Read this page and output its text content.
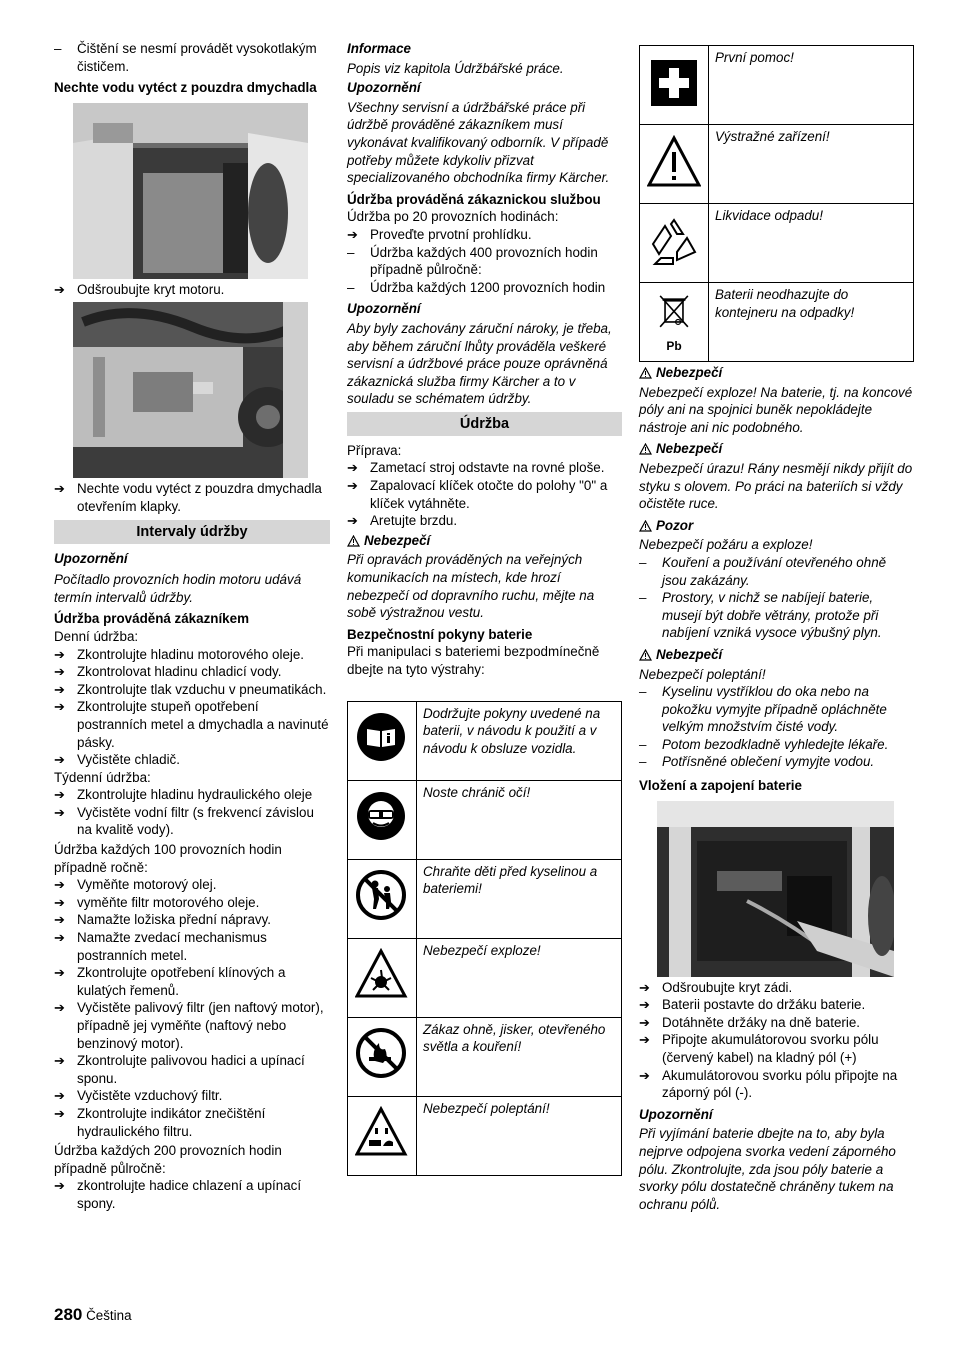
– Čištění se nesmí provádět vysokotlakým čističem.
Nechte vodu vytéct z pouzdra dmychadla
➔ Odšroubujte kryt motoru.
➔ Nechte vodu vytéct z pouzdra dmychadla otevřením klapky.
Intervaly údržby
Upozornění
Počítadlo provozních hodin motoru udává termín intervalů údržby.
Údržba prováděná zákazníkem
Denní údržba:
➔ Zkontrolujte hladinu motorového oleje.
➔ Zkontrolovat hladinu chladicí vody.
➔ Zkontrolujte tlak vzduchu v pneumatikách.
➔ Zkontrolujte stupeň opotřebení postranních metel a dmychadla a navinuté pásky.
➔ Vyčistěte chladič.
Týdenní údržba:
➔ Zkontrolujte hladinu hydraulického oleje
➔ Vyčistěte vodní filtr (s frekvencí závislou na kvalitě vody).
Údržba každých 100 provozních hodin případně ročně:
➔ Vyměňte motorový olej.
➔ vyměňte filtr motorového oleje.
➔ Namažte ložiska přední nápravy.
➔ Namažte zvedací mechanismus postranních metel.
➔ Zkontrolujte opotřebení klínových a kulatých řemenů.
➔ Vyčistěte palivový filtr (jen naftový motor), případně jej vyměňte (naftový nebo benzinový motor).
➔ Zkontrolujte palivovou hadici a upínací sponu.
➔ Vyčistěte vzduchový filtr.
➔ Zkontrolujte indikátor znečištění hydraulického filtru.
Údržba každých 200 provozních hodin případně půlročně:
➔ zkontrolujte hadice chlazení a upínací spony.
Informace
Popis viz kapitola Údržbářské práce.
Upozornění
Všechny servisní a údržbářské práce při údržbě prováděné zákazníkem musí vykonávat kvalifikovaný odborník. V případě potřeby můžete kdykoliv přizvat specializovaného obchodníka firmy Kärcher.
Údržba prováděná zákaznickou službou
Údržba po 20 provozních hodinách:
➔ Proveďte prvotní prohlídku.
– Údržba každých 400 provozních hodin případně půlročně:
– Údržba každých 1200 provozních hodin
Upozornění
Aby byly zachovány záruční nároky, je třeba, aby během záruční lhůty prováděla veškeré servisní a údržbové práce pouze oprávněná zákaznická služba firmy Kärcher a to v souladu se schématem údržby.
Údržba
Příprava:
➔ Zametací stroj odstavte na rovné ploše.
➔ Zapalovací klíček otočte do polohy "0" a klíček vytáhněte.
➔ Aretujte brzdu.
Nebezpečí
Při opravách prováděných na veřejných komunikacích na místech, kde hrozí nebezpečí od dopravního ruchu, mějte na sobě výstražnou vestu.
Bezpečnostní pokyny baterie
Při manipulaci s bateriemi bezpodmínečně dbejte na tyto výstrahy:
	Dodržujte pokyny uvedené na baterii, v návodu k použití a v návodu k obsluze vozidla.
	Noste chránič očí!
	Chraňte děti před kyselinou a bateriemi!
	Nebezpečí exploze!
	Zákaz ohně, jisker, otevřeného světla a kouření!
	Nebezpečí poleptání!
	První pomoc!
	Výstražné zařízení!
	Likvidace odpadu!

Pb	Baterii neodhazujte do kontejneru na odpadky!
Nebezpečí
Nebezpečí exploze! Na baterie, tj. na koncové póly ani na spojnici buněk nepokládejte nástroje ani nic podobného.
Nebezpečí
Nebezpečí úrazu! Rány nesmějí nikdy přijít do styku s olovem. Po práci na bateriích si vždy očistěte ruce.
Pozor
Nebezpečí požáru a exploze!
– Kouření a používání otevřeného ohně jsou zakázány.
– Prostory, v nichž se nabíjejí baterie, musejí být dobře větrány, protože při nabíjení vzniká vysoce výbušný plyn.
Nebezpečí
Nebezpečí poleptání!
– Kyselinu vystříklou do oka nebo na pokožku vymyjte případně opláchněte velkým množstvím čisté vody.
– Potom bezodkladně vyhledejte lékaře.
– Potřísněné oblečení vymyjte vodou.
Vložení a zapojení baterie
➔ Odšroubujte kryt zádi.
➔ Baterii postavte do držáku baterie.
➔ Dotáhněte držáky na dně baterie.
➔ Připojte akumulátorovou svorku pólu (červený kabel) na kladný pól (+)
➔ Akumulátorovou svorku pólu připojte na záporný pól (-).
Upozornění
Při vyjímání baterie dbejte na to, aby byla nejprve odpojena svorka vedení záporného pólu. Zkontrolujte, zda jsou póly baterie a svorky pólu dostatečně chráněny tukem na ochranu pólů.
280 Čeština
